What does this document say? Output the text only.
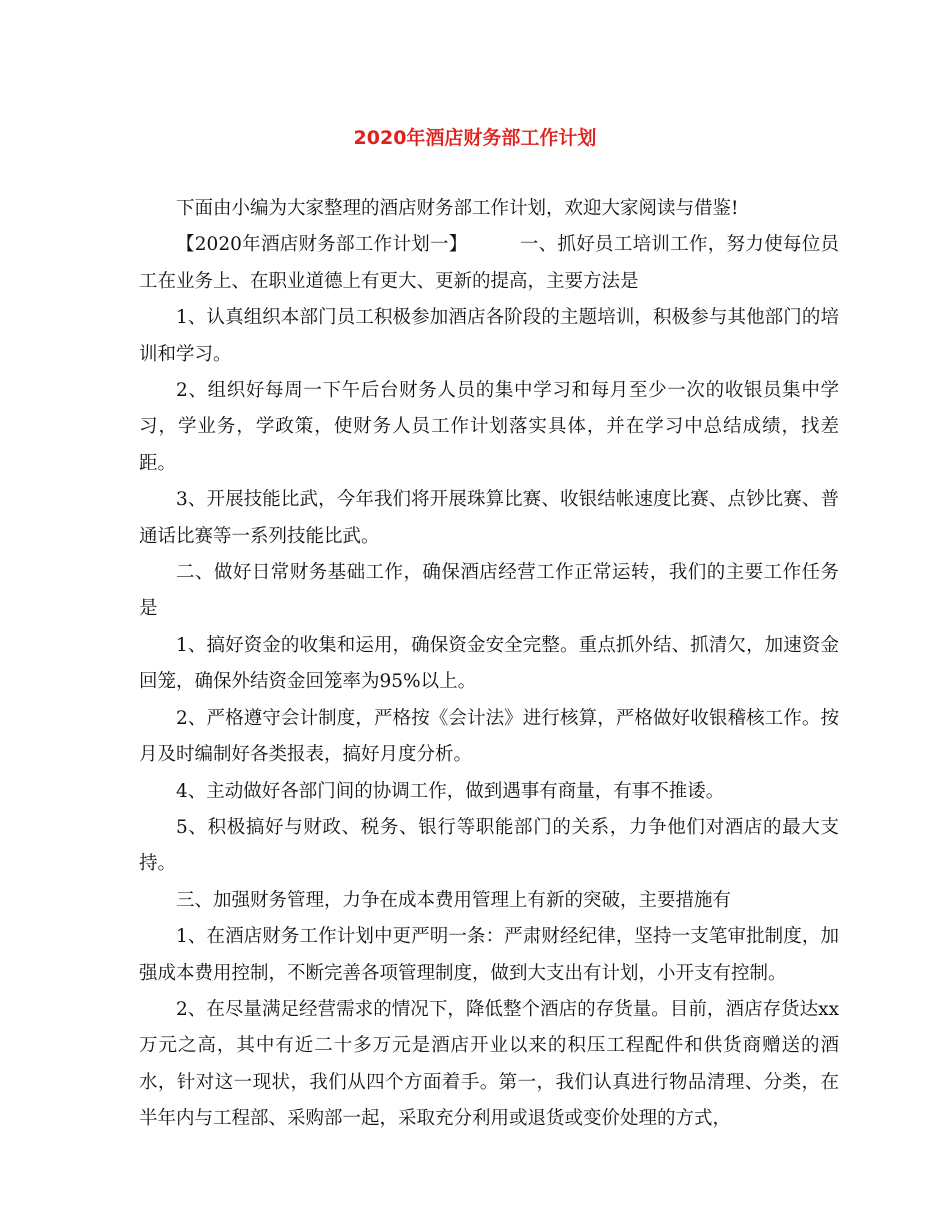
2020年酒店财务部工作计划

下面由小编为大家整理的酒店财务部工作计划，欢迎大家阅读与借鉴!

【2020年酒店财务部工作计划一】	一、抓好员工培训工作，努力使每位员工在业务上、在职业道德上有更大、更新的提高，主要方法是

1、认真组织本部门员工积极参加酒店各阶段的主题培训，积极参与其他部门的培训和学习。

2、组织好每周一下午后台财务人员的集中学习和每月至少一次的收银员集中学习，学业务，学政策，使财务人员工作计划落实具体，并在学习中总结成绩，找差距。

3、开展技能比武，今年我们将开展珠算比赛、收银结帐速度比赛、点钞比赛、普通话比赛等一系列技能比武。

二、做好日常财务基础工作，确保酒店经营工作正常运转，我们的主要工作任务是

1、搞好资金的收集和运用，确保资金安全完整。重点抓外结、抓清欠，加速资金回笼，确保外结资金回笼率为95%以上。

2、严格遵守会计制度，严格按《会计法》进行核算，严格做好收银稽核工作。按月及时编制好各类报表，搞好月度分析。

4、主动做好各部门间的协调工作，做到遇事有商量，有事不推诿。

5、积极搞好与财政、税务、银行等职能部门的关系，力争他们对酒店的最大支持。

三、加强财务管理，力争在成本费用管理上有新的突破，主要措施有

1、在酒店财务工作计划中更严明一条：严肃财经纪律，坚持一支笔审批制度，加强成本费用控制，不断完善各项管理制度，做到大支出有计划，小开支有控制。

2、在尽量满足经营需求的情况下，降低整个酒店的存货量。目前，酒店存货达xx万元之高，其中有近二十多万元是酒店开业以来的积压工程配件和供货商赠送的酒水，针对这一现状，我们从四个方面着手。第一，我们认真进行物品清理、分类，在半年内与工程部、采购部一起，采取充分利用或退货或变价处理的方式，
